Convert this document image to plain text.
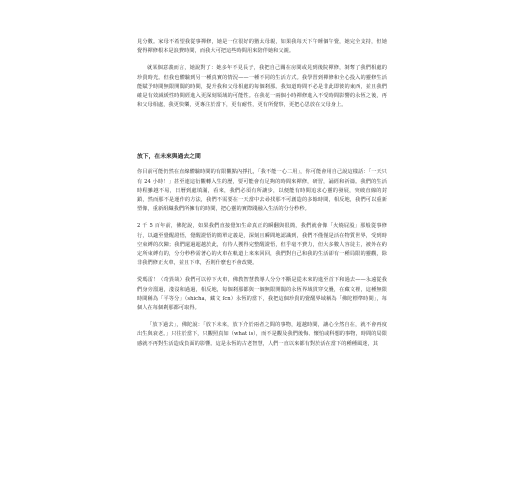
見分數。家母不希望我從事禪修，她是一位很好的猶太母親，如果我每天下午睡個午覺，她完全支持，但她覺得禪修根本是浪費時間，而我大可把這些時間用來陪伴她和父親。

就某個意義而言，她說對了：她多年不見長子，我把自己關在房間或晃到後院禪修，剝奪了我們相處的珍貴時光。但我也體驗到另一種真實的情況——一種不同的生活方式。我學習到禪修和全心投入的靈修生活能賦予時間無限開闊的時間，提升我和父母相處的每個剎那。我知道時間不必是非此即彼的東西，並且我們確是有效減緩性時間經進入更深刻領域的可能性。在我花一兩個小時禪修進入不受時間影響的永恆之後，再和父母相處，我更快樂，更專注於當下，更有耐性，更有所覺察，更把心思放在父母身上。

放下，在未來與過去之間

你目前可能仍然在直線體驗時間的有限觀點內掙扎，「我不能一心二用」，你可能會用自己說這樣話：「一天只有 24 小時！」甚至連這衍觀轉入生的歷，要可能會有足夠的時間來禪修，研習，誦經和祈禱。我們的生活時程雖越不易，日曆到處填滿，看來，我們必須有所讓步，以便能有時間追求心靈的發展，突破直線的封鎖，然而那不是運作的方法，我們不需要在一天當中去尋找那不可創造的多餘時間，相反地，我們可以重新塑像，重新組織我們所擁有的時間，把心靈的實際踐融入生活的分分秒秒。

2 千 5 百年前，佛陀說，如果我們直接覺知生命真正的瞬翻與很簡，我們就會像「火燒屁股」那般從事修行，以適至覺醒證悟，覺醒證悟的簡單定義是，深刻且瞬間地認識到，我們不僅僅是活在物質世界，受到時空束縛的次陳；我們還過超越於此，有待人獲得完整醒證悟，但乎毫不費力，但大多數人容徒主，被外在約定所束縛有的，分分秒秒需著心的火車在軌道上來來回回，我們對自己和我的生活卻有一種局限的靈觀，除非我們修正火車，並且下車，否則什麼也不會改變。

愛瑪雷！（奇異哉）我們可以停下火車，佛教智慧教導人分分不斷是從未來的進至首下和過去——永遠從我們身旁溜過，淺沒和過過，相反地，每個剎那都與一個無限開闊的永恆界域貫穿交疊，在藏文裡，這種無限時間稱為「平等分」（shicha，藏文 ſcn）永恆的當下，我把這個珍貴的覺醒界域稱為「佛陀標準時間」，每個人在每個剎那都可取得。

「放下過去」，佛陀說：「放下未來，放下介於兩者之間的事物，超越時間，讓心全然自在，就不會再度出生與衰老。」只往於當下，只觀照真如（what is），而不是觀及我們後悔、懷怕或科想的事物，時間的局限感就不再對生活造成負面的影響。這是永恆的古老智慧，人們一直以來都有對於活在當下的種種風迷，其
